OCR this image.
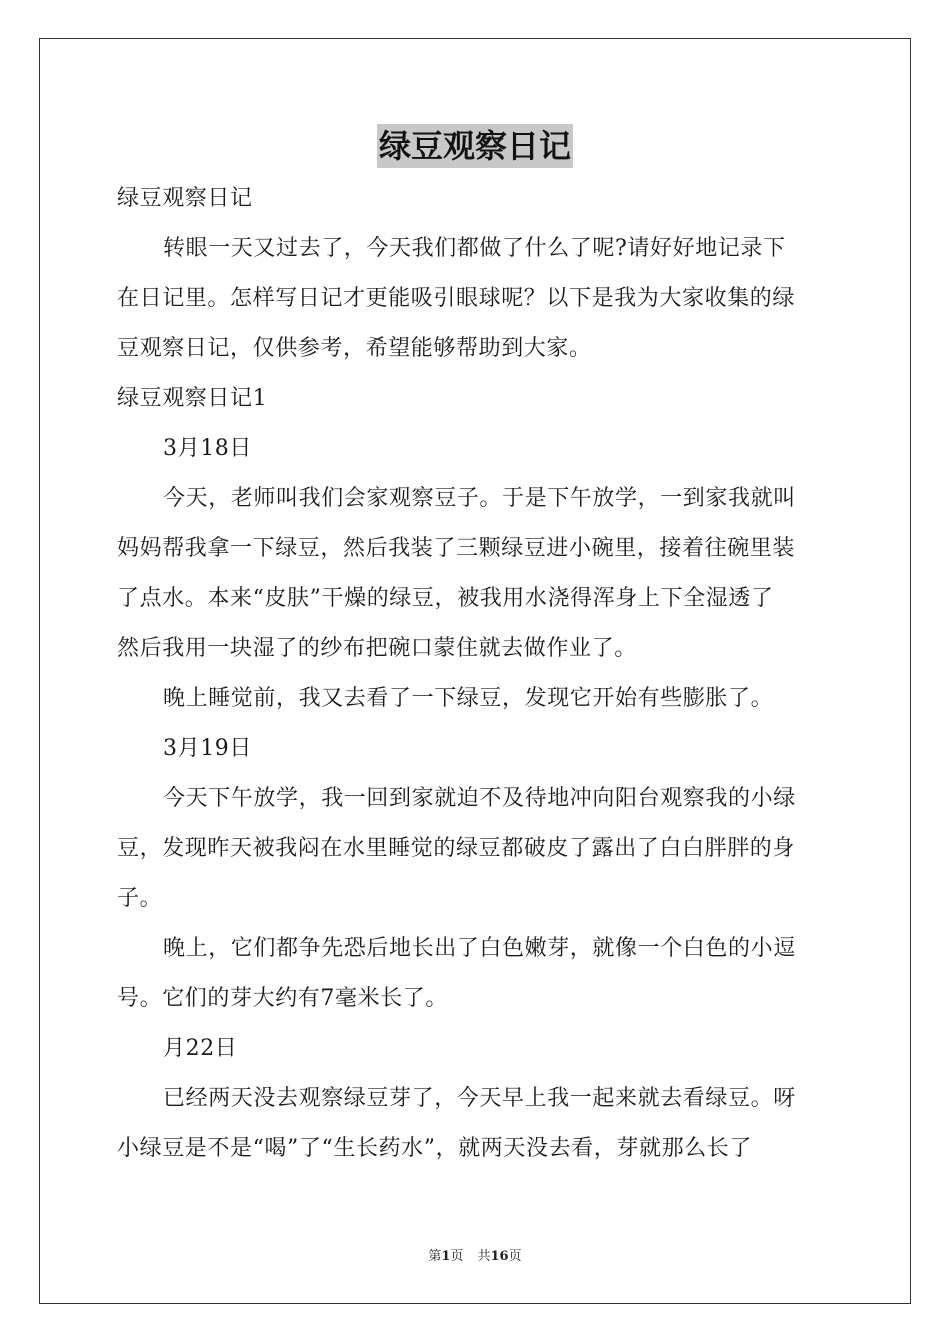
绿豆观察日记
绿豆观察日记
转眼一天又过去了，今天我们都做了什么了呢?请好好地记录下
在日记里。怎样写日记才更能吸引眼球呢？以下是我为大家收集的绿
豆观察日记，仅供参考，希望能够帮助到大家。
绿豆观察日记1
3月18日
今天，老师叫我们会家观察豆子。于是下午放学，一到家我就叫
妈妈帮我拿一下绿豆，然后我装了三颗绿豆进小碗里，接着往碗里装
了点水。本来“皮肤”干燥的绿豆，被我用水浇得浑身上下全湿透了
然后我用一块湿了的纱布把碗口蒙住就去做作业了。
晚上睡觉前，我又去看了一下绿豆，发现它开始有些膨胀了。
3月19日
今天下午放学，我一回到家就迫不及待地冲向阳台观察我的小绿
豆，发现昨天被我闷在水里睡觉的绿豆都破皮了露出了白白胖胖的身
子。
晚上，它们都争先恐后地长出了白色嫩芽，就像一个白色的小逗
号。它们的芽大约有7毫米长了。
月22日
已经两天没去观察绿豆芽了，今天早上我一起来就去看绿豆。呀
小绿豆是不是“喝”了“生长药水”，就两天没去看，芽就那么长了
第1页 共16页
